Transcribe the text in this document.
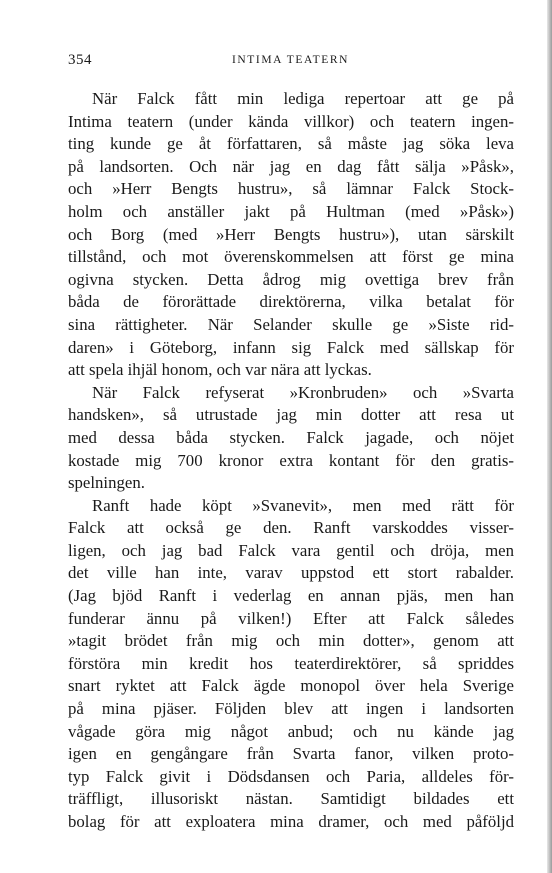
354	INTIMA TEATERN
När Falck fått min lediga repertoar att ge på
Intima teatern (under kända villkor) och teatern ingen-
ting kunde ge åt författaren, så måste jag söka leva
på landsorten. Och när jag en dag fått sälja »Påsk»,
och »Herr Bengts hustru», så lämnar Falck Stock-
holm och anställer jakt på Hultman (med »Påsk»)
och Borg (med »Herr Bengts hustru»), utan särskilt
tillstånd, och mot överenskommelsen att först ge mina
ogivna stycken. Detta ådrog mig ovettiga brev från
båda de förorättade direktörerna, vilka betalat för
sina rättigheter. När Selander skulle ge »Siste rid-
daren» i Göteborg, infann sig Falck med sällskap för
att spela ihjäl honom, och var nära att lyckas.
När Falck refyserat »Kronbruden» och »Svarta
handsken», så utrustade jag min dotter att resa ut
med dessa båda stycken. Falck jagade, och nöjet
kostade mig 700 kronor extra kontant för den gratis-
spelningen.
Ranft hade köpt »Svanevit», men med rätt för
Falck att också ge den. Ranft varskoddes visser-
ligen, och jag bad Falck vara gentil och dröja, men
det ville han inte, varav uppstod ett stort rabalder.
(Jag bjöd Ranft i vederlag en annan pjäs, men han
funderar ännu på vilken!) Efter att Falck således
»tagit brödet från mig och min dotter», genom att
förstöra min kredit hos teaterdirektörer, så spriddes
snart ryktet att Falck ägde monopol över hela Sverige
på mina pjäser. Följden blev att ingen i landsorten
vågade göra mig något anbud; och nu kände jag
igen en gengångare från Svarta fanor, vilken proto-
typ Falck givit i Dödsdansen och Paria, alldeles för-
träffligt, illusoriskt nästan. Samtidigt bildades ett
bolag för att exploatera mina dramer, och med påföljd
